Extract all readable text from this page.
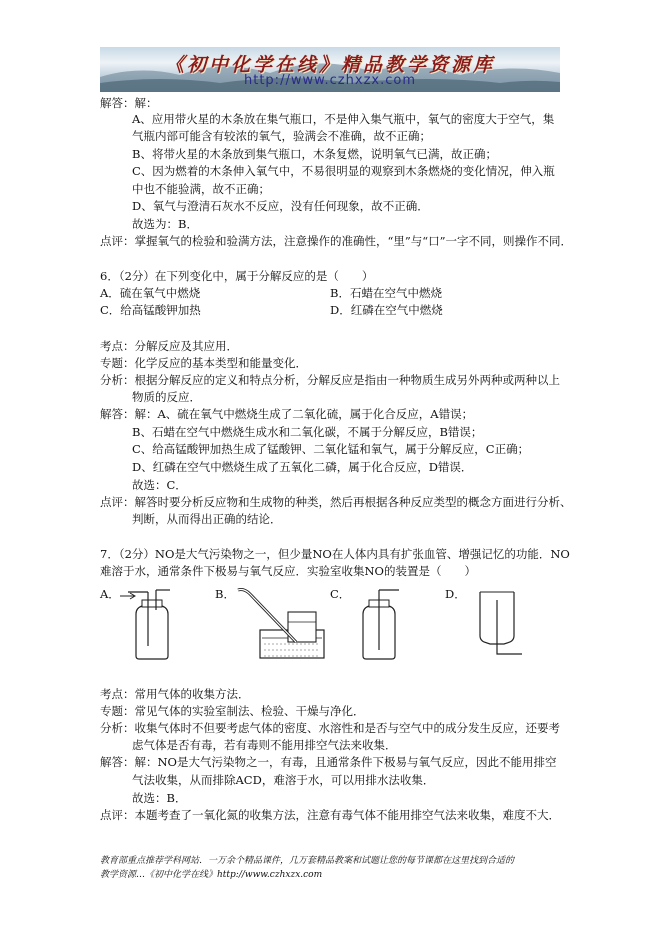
《初中化学在线》精品教学资源库
http://www.czhxzx.com
解答：解：
A、应用带火星的木条放在集气瓶口，不是伸入集气瓶中，氧气的密度大于空气，集
气瓶内部可能含有较浓的氧气，验满会不准确，故不正确；
B、将带火星的木条放到集气瓶口，木条复燃，说明氧气已满，故正确；
C、因为燃着的木条伸入氧气中，不易很明显的观察到木条燃烧的变化情况，伸入瓶
中也不能验满，故不正确；
D、氧气与澄清石灰水不反应，没有任何现象，故不正确．
故选为：B．
点评：掌握氧气的检验和验满方法，注意操作的准确性，“里”与“口”一字不同，则操作不同．
6．（2分）在下列变化中，属于分解反应的是（　　）
A．硫在氧气中燃烧	B．石蜡在空气中燃烧
C．给高锰酸钾加热	D．红磷在空气中燃烧
考点：分解反应及其应用．
专题：化学反应的基本类型和能量变化．
分析：根据分解反应的定义和特点分析，分解反应是指由一种物质生成另外两种或两种以上
物质的反应．
解答：解：A、硫在氧气中燃烧生成了二氧化硫，属于化合反应，A错误；
B、石蜡在空气中燃烧生成水和二氧化碳，不属于分解反应，B错误；
C、给高锰酸钾加热生成了锰酸钾、二氧化锰和氧气，属于分解反应，C正确；
D、红磷在空气中燃烧生成了五氧化二磷，属于化合反应，D错误．
故选：C．
点评：解答时要分析反应物和生成物的种类，然后再根据各种反应类型的概念方面进行分析、
判断，从而得出正确的结论．
7．（2分）NO是大气污染物之一，但少量NO在人体内具有扩张血管、增强记忆的功能．NO
难溶于水，通常条件下极易与氧气反应．实验室收集NO的装置是（　　）
A．	B．	C．	D．
考点：常用气体的收集方法．
专题：常见气体的实验室制法、检验、干燥与净化．
分析：收集气体时不但要考虑气体的密度、水溶性和是否与空气中的成分发生反应，还要考
虑气体是否有毒，若有毒则不能用排空气法来收集．
解答：解：NO是大气污染物之一，有毒，且通常条件下极易与氧气反应，因此不能用排空
气法收集，从而排除ACD，难溶于水，可以用排水法收集．
故选：B．
点评：本题考查了一氧化氮的收集方法，注意有毒气体不能用排空气法来收集，难度不大．
教育部重点推荐学科网站．一万余个精品课件，几万套精品教案和试题让您的每节课都在这里找到合适的
教学资源…《初中化学在线》http://www.czhxzx.com
